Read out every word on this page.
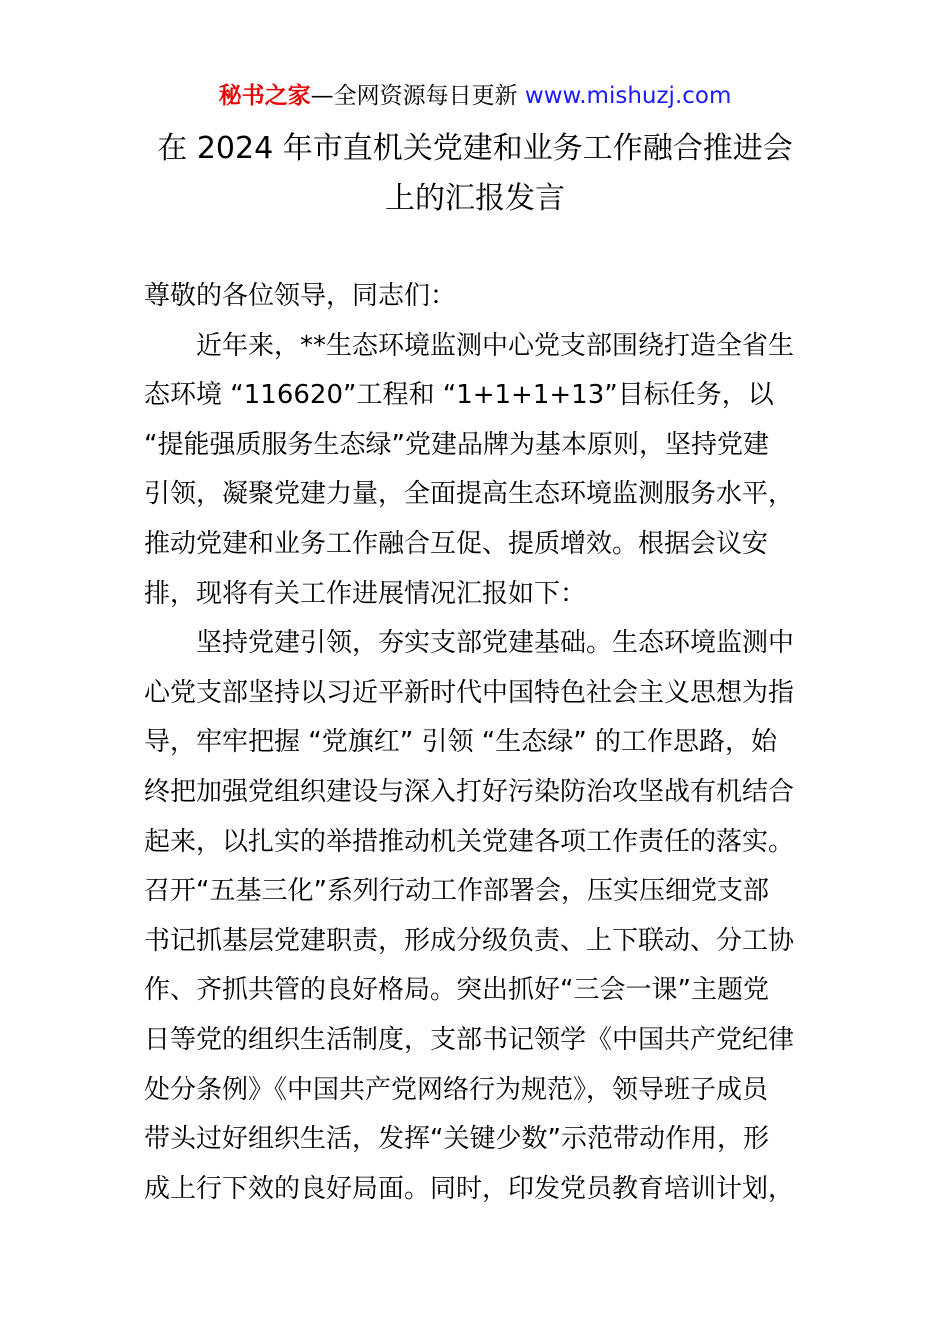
秘书之家—全网资源每日更新 www.mishuzj.com
在 2024 年市直机关党建和业务工作融合推进会
上的汇报发言
尊敬的各位领导，同志们：
近年来，**生态环境监测中心党支部围绕打造全省生
态环境 “116620”工程和 “1+1+1+13”目标任务，以
“提能强质服务生态绿”党建品牌为基本原则，坚持党建
引领，凝聚党建力量，全面提高生态环境监测服务水平，
推动党建和业务工作融合互促、提质增效。根据会议安
排，现将有关工作进展情况汇报如下：
坚持党建引领，夯实支部党建基础。生态环境监测中
心党支部坚持以习近平新时代中国特色社会主义思想为指
导，牢牢把握 “党旗红” 引领 “生态绿” 的工作思路，始
终把加强党组织建设与深入打好污染防治攻坚战有机结合
起来，以扎实的举措推动机关党建各项工作责任的落实。
召开“五基三化”系列行动工作部署会，压实压细党支部
书记抓基层党建职责，形成分级负责、上下联动、分工协
作、齐抓共管的良好格局。突出抓好“三会一课”主题党
日等党的组织生活制度，支部书记领学《中国共产党纪律
处分条例》《中国共产党网络行为规范》，领导班子成员
带头过好组织生活，发挥“关键少数”示范带动作用，形
成上行下效的良好局面。同时，印发党员教育培训计划，
